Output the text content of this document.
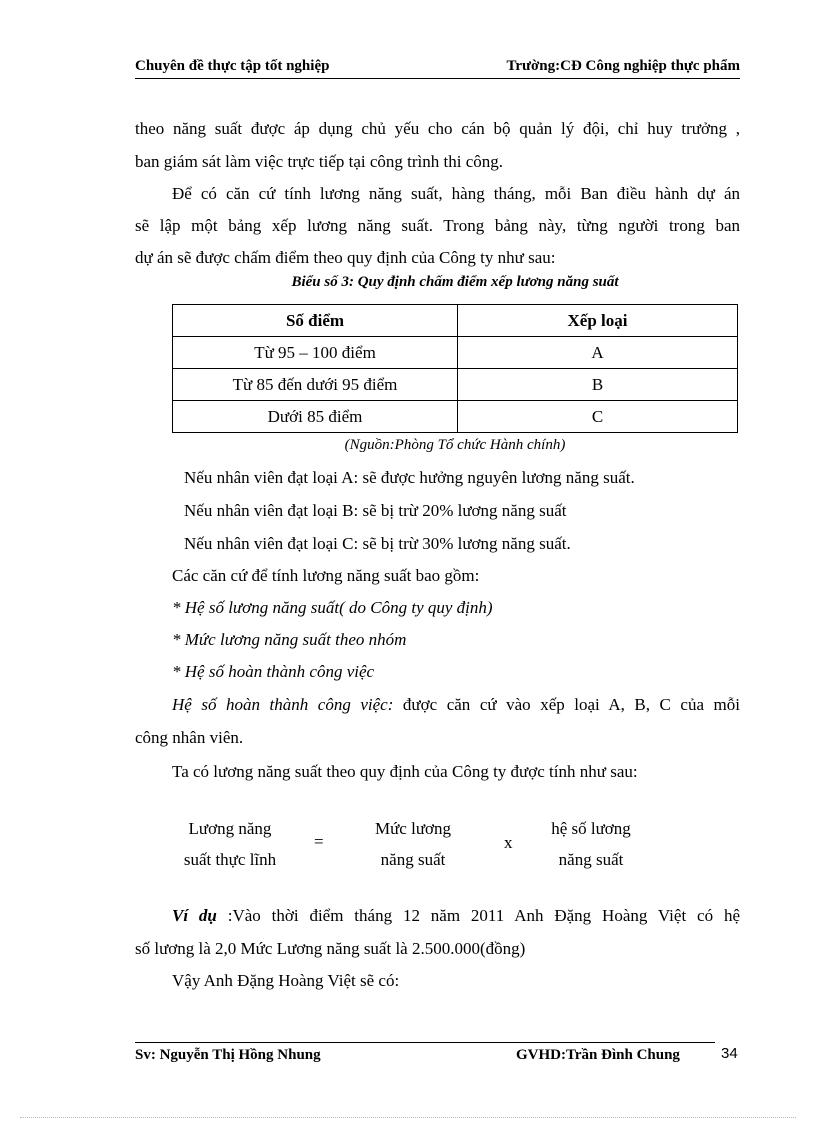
Chuyên đề thực tập tốt nghiệp	Trường:CĐ Công nghiệp thực phẩm
theo năng suất được áp dụng chủ yếu cho cán bộ quản lý đội, chỉ huy trưởng ,
ban giám sát làm việc trực tiếp tại công trình thi công.
Để có căn cứ tính lương năng suất, hàng tháng, mỗi Ban điều hành dự án
sẽ lập một bảng xếp lương năng suất. Trong bảng này, từng người trong ban
dự án sẽ được chấm điểm theo quy định của Công ty như sau:
Biểu số 3: Quy định chấm điểm xếp lương năng suất
Số điểm	Xếp loại
Từ 95 – 100 điểm	A
Từ 85 đến dưới 95 điểm	B
Dưới 85 điểm	C
(Nguồn:Phòng Tổ chức Hành chính)
Nếu nhân viên đạt loại A: sẽ được hưởng nguyên lương năng suất.
Nếu nhân viên đạt loại B: sẽ bị trừ 20% lương năng suất
Nếu nhân viên đạt loại C: sẽ bị trừ 30% lương năng suất.
Các căn cứ để tính lương năng suất bao gồm:
* Hệ số lương năng suất( do Công ty quy định)
* Mức lương năng suất theo nhóm
* Hệ số hoàn thành công việc
Hệ số hoàn thành công việc: được căn cứ vào xếp loại A, B, C của mỗi
công nhân viên.
Ta có lương năng suất theo quy định của Công ty được tính như sau:
Lương năng
suất thực lĩnh
=
Mức lương
năng suất
x
hệ số lương
năng suất
Ví dụ :Vào thời điểm tháng 12 năm 2011 Anh Đặng Hoàng Việt có hệ
số lương là 2,0 Mức Lương năng suất là 2.500.000(đồng)
Vậy Anh Đặng Hoàng Việt sẽ có:
Sv: Nguyễn Thị Hồng Nhung	GVHD:Trần Đình Chung	34
